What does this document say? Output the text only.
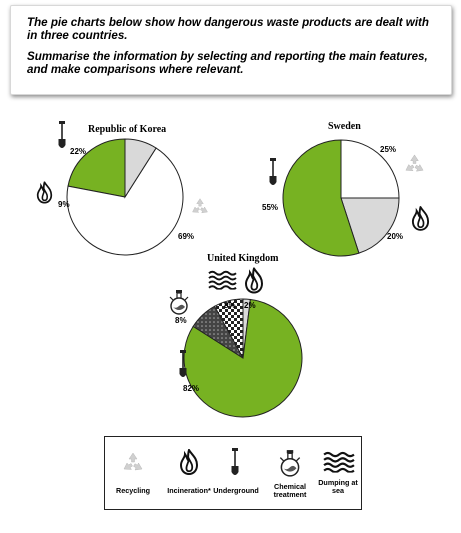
The pie charts below show how dangerous waste products are dealt with in three countries.
Summarise the information by selecting and reporting the main features, and make comparisons where relevant.
Republic of Korea
22%
69%
9%
Sweden
25%
20%
55%
United Kingdom
2%
82%
8%
8%
Recycling	Incineration* Underground	Chemical treatment
Dumping at sea
